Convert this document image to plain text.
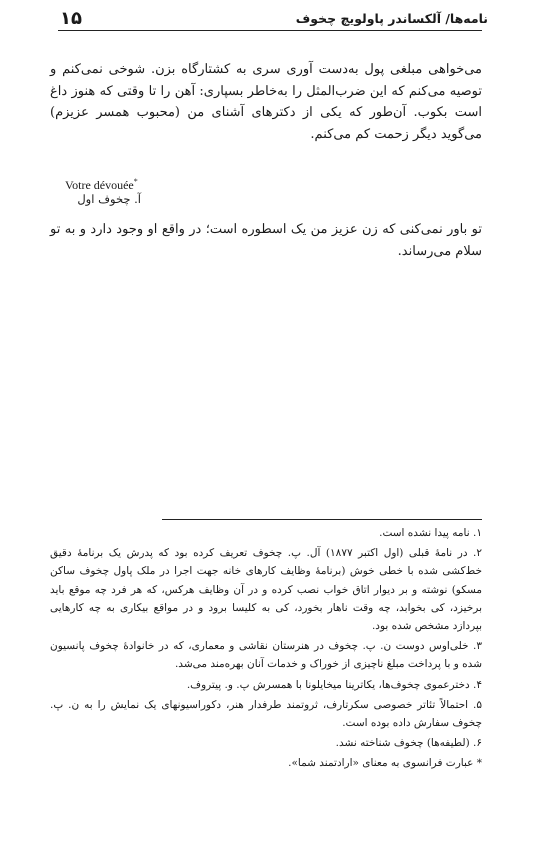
۱۵	نامه‌ها/ آلکساندر پاولویچ چخوف
می‌خواهی مبلغی پول به‌دست آوری سری به کشتارگاه بزن. شوخی نمی‌کنم و توصیه می‌کنم که این ضرب‌المثل را به‌خاطر بسپاری: آهن را تا وقتی که هنوز داغ است بکوب. آن‌طور که یکی از دکترهای آشنای من (محبوب همسر عزیزم) می‌گوید دیگر زحمت کم می‌کنم.
Votre dévouée*
آ. چخوف اول
تو باور نمی‌کنی که زن عزیز من یک اسطوره است؛ در واقع او وجود دارد و به تو سلام می‌رساند.

۱. نامه پیدا نشده است.

۲. در نامهٔ قبلی (اول اکتبر ۱۸۷۷) آل. پ. چخوف تعریف کرده بود که پدرش یک برنامهٔ دقیق خط‌کشی شده با خطی خوش (برنامهٔ وظایف کارهای خانه جهت اجرا در ملک پاول چخوف ساکن مسکو) نوشته و بر دیوار اتاق خواب نصب کرده و در آن وظایف هرکس، که هر فرد چه موقع باید برخیزد، کی بخوابد، چه وقت ناهار بخورد، کی به کلیسا برود و در مواقع بیکاری به چه کارهایی بپردازد مشخص شده بود.

۳. خلی‌اوس دوست ن. پ. چخوف در هنرستان نقاشی و معماری، که در خانوادهٔ چخوف پانسیون شده و با پرداخت مبلغ ناچیزی از خوراک و خدمات آنان بهره‌مند می‌شد.

۴. دخترعموی چخوف‌ها، یکاترینا میخایلونا با همسرش پ. و. پیتروف.

۵. احتمالاً تئاتر خصوصی سکرتارف، ثروتمند طرفدار هنر، دکوراسیونهای یک نمایش را به ن. پ. چخوف سفارش داده بوده است.

۶. (لطیفه‌ها) چخوف شناخته نشد.

* عبارت فرانسوی به معنای «ارادتمند شما».
